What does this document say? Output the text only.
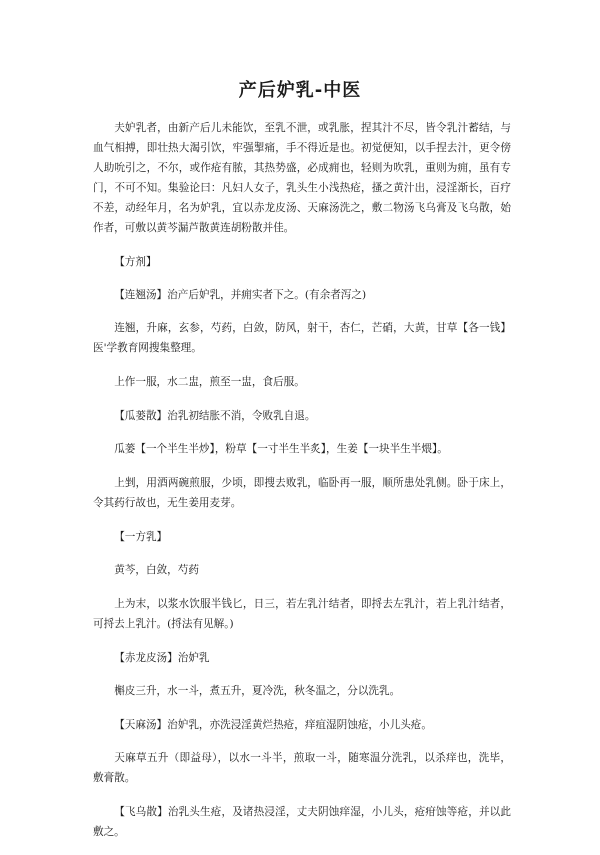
产后妒乳-中医

夫妒乳者，由新产后儿未能饮，至乳不泄，或乳胀，捏其汁不尽，皆令乳汁蓄结，与血气相搏，即壮热大渴引饮，牢强掣痛，手不得近是也。初觉便知，以手捏去汁，更令傍人助吮引之，不尔，或作疮有脓，其热势盛，必成痈也，轻则为吹乳，重则为痈，虽有专门，不可不知。集验论曰：凡妇人女子，乳头生小浅热疮，搔之黄汁出，浸淫渐长，百疗不差，动经年月，名为妒乳，宜以赤龙皮汤、天麻汤洗之，敷二物汤飞乌膏及飞乌散，始作者，可敷以黄芩漏芦散黄连胡粉散并佳。

【方剂】

【连翘汤】治产后妒乳，并痈实者下之。(有余者泻之)

连翘，升麻，玄参，芍药，白敛，防风，射干，杏仁，芒硝，大黄，甘草【各一钱】医'学教育网搜集整理。

上作一服，水二盅，煎至一盅，食后服。

【瓜蒌散】治乳初结胀不消，令败乳自退。

瓜蒌【一个半生半炒】，粉草【一寸半生半炙】，生姜【一块半生半煨】。

上剉，用酒两碗煎服，少顷，即搜去败乳，临卧再一服，顺所患处乳侧。卧于床上，令其药行故也，无生姜用麦芽。

【一方乳】

黄芩，白敛，芍药

上为末，以浆水饮服半钱匕，日三，若左乳汁结者，即捋去左乳汁，若上乳汁结者，可捋去上乳汁。(捋法有见解。)

【赤龙皮汤】治妒乳

槲皮三升，水一斗，煮五升，夏冷洗，秋冬温之，分以洗乳。

【天麻汤】治妒乳，亦洗浸淫黄烂热疮，痒疽湿阴蚀疮，小儿头疮。

天麻草五升（即益母），以水一斗半，煎取一斗，随寒温分洗乳，以杀痒也，洗毕，敷膏散。

【飞乌散】治乳头生疮，及诸热浸淫，丈夫阴蚀痒湿，小儿头，疮疳蚀等疮，并以此敷之。
